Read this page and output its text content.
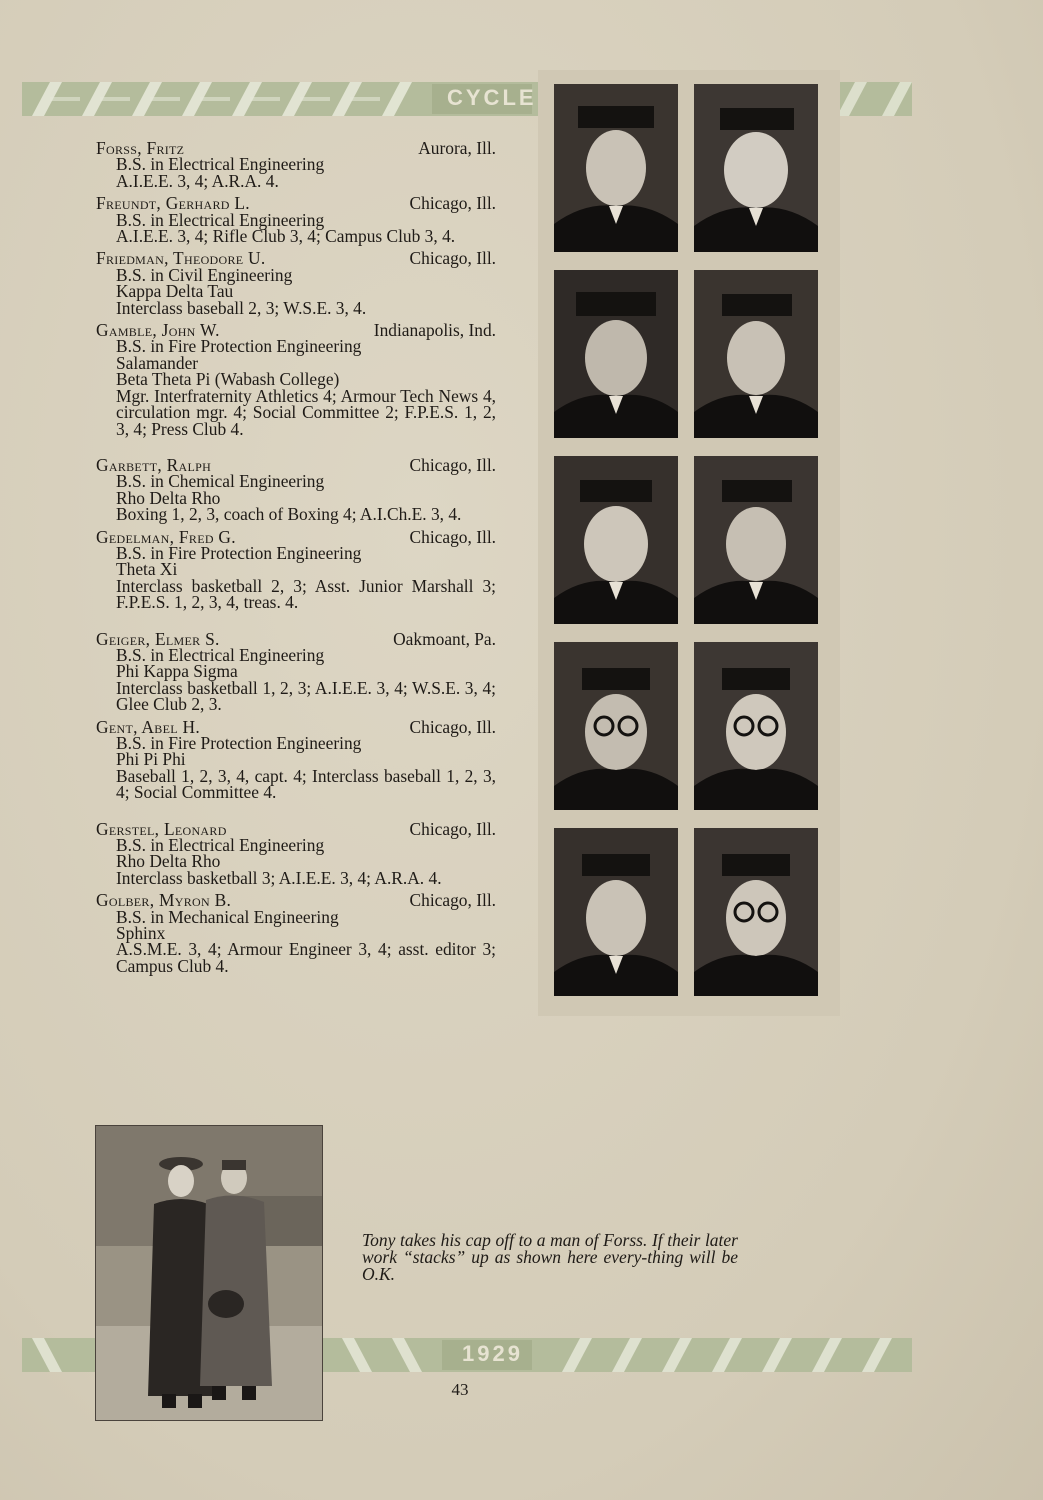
CYCLE
Forss, Fritz	Aurora, Ill.
B.S. in Electrical Engineering
A.I.E.E. 3, 4; A.R.A. 4.
Freundt, Gerhard L.	Chicago, Ill.
B.S. in Electrical Engineering
A.I.E.E. 3, 4; Rifle Club 3, 4; Campus Club 3, 4.
Friedman, Theodore U.	Chicago, Ill.
B.S. in Civil Engineering
Kappa Delta Tau
Interclass baseball 2, 3; W.S.E. 3, 4.
Gamble, John W.	Indianapolis, Ind.
B.S. in Fire Protection Engineering
Salamander
Beta Theta Pi (Wabash College)
Mgr. Interfraternity Athletics 4; Armour Tech News 4, circulation mgr. 4; Social Committee 2; F.P.E.S. 1, 2, 3, 4; Press Club 4.
Garbett, Ralph	Chicago, Ill.
B.S. in Chemical Engineering
Rho Delta Rho
Boxing 1, 2, 3, coach of Boxing 4; A.I.Ch.E. 3, 4.
Gedelman, Fred G.	Chicago, Ill.
B.S. in Fire Protection Engineering
Theta Xi
Interclass basketball 2, 3; Asst. Junior Marshall 3; F.P.E.S. 1, 2, 3, 4, treas. 4.
Geiger, Elmer S.	Oakmoant, Pa.
B.S. in Electrical Engineering
Phi Kappa Sigma
Interclass basketball 1, 2, 3; A.I.E.E. 3, 4; W.S.E. 3, 4; Glee Club 2, 3.
Gent, Abel H.	Chicago, Ill.
B.S. in Fire Protection Engineering
Phi Pi Phi
Baseball 1, 2, 3, 4, capt. 4; Interclass baseball 1, 2, 3, 4; Social Committee 4.
Gerstel, Leonard	Chicago, Ill.
B.S. in Electrical Engineering
Rho Delta Rho
Interclass basketball 3; A.I.E.E. 3, 4; A.R.A. 4.
Golber, Myron B.	Chicago, Ill.
B.S. in Mechanical Engineering
Sphinx
A.S.M.E. 3, 4; Armour Engineer 3, 4; asst. editor 3; Campus Club 4.
1929
Tony takes his cap off to a man of Forss. If their later work “stacks” up as shown here every-thing will be O.K.
43
